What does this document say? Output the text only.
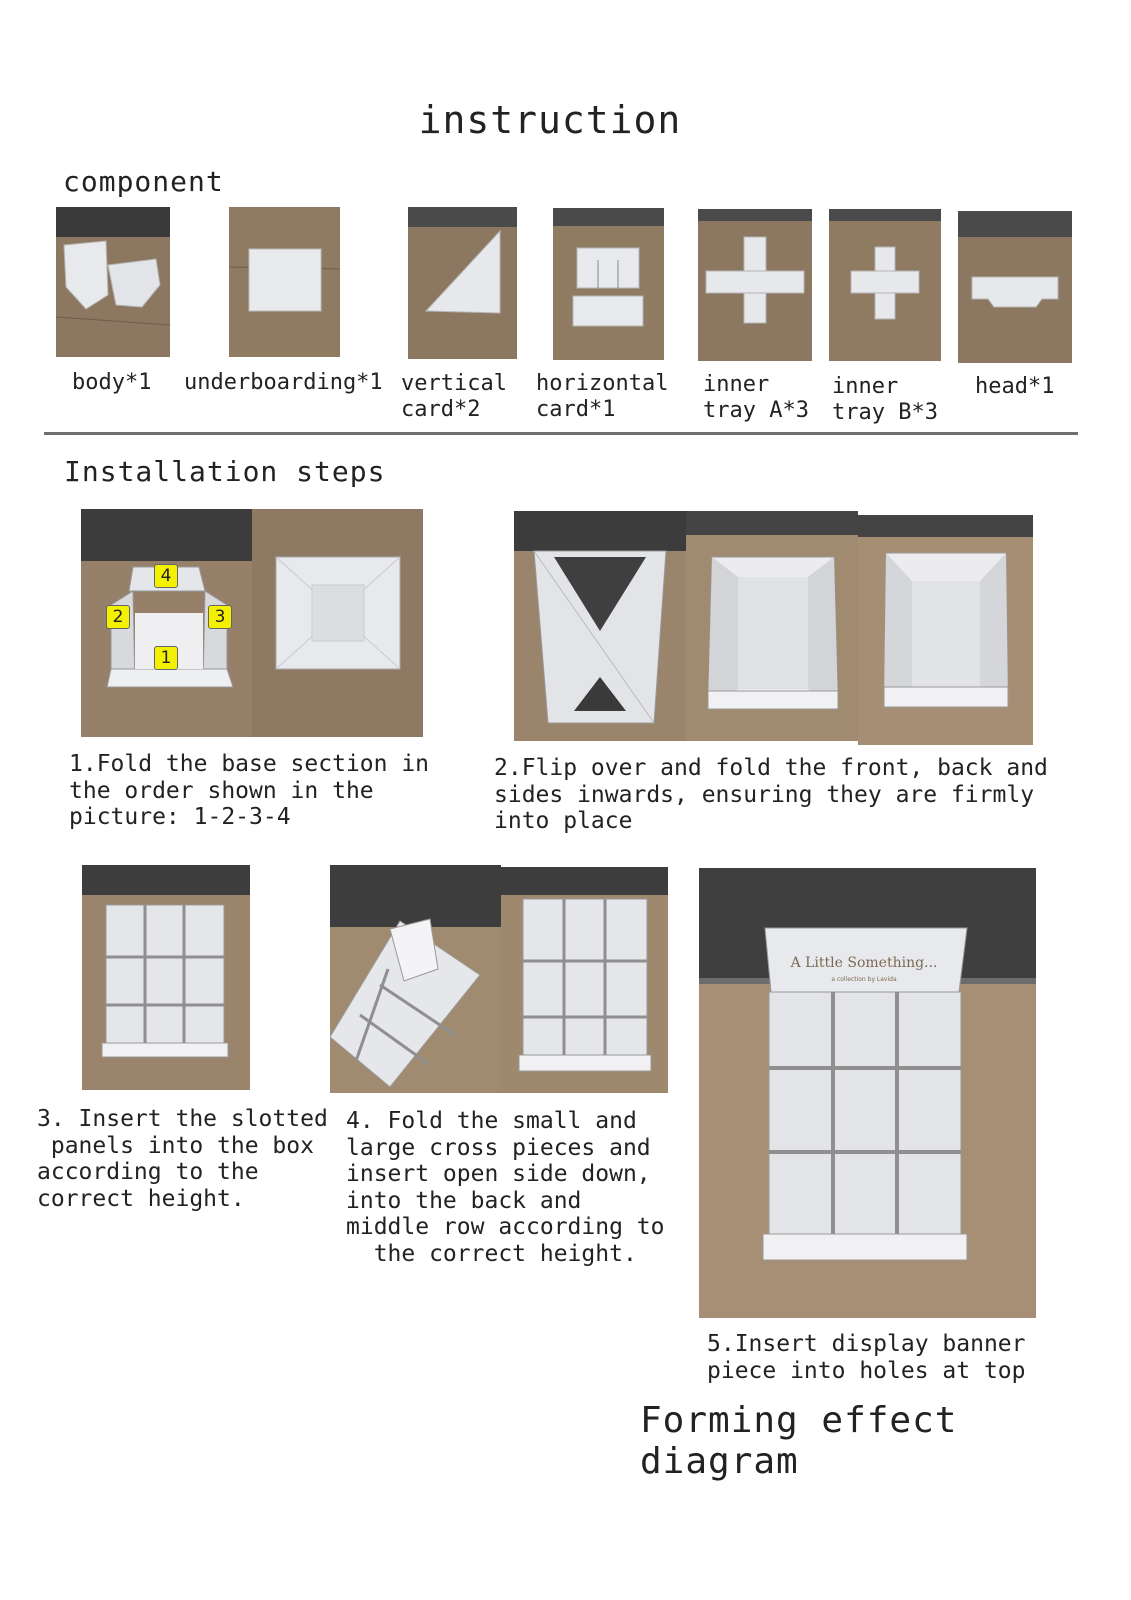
instruction
component
body*1 underboarding*1 vertical
card*2
horizontal
card*1
inner
tray A*3
inner
tray B*3
head*1
Installation steps
4
2	3
1
1.Fold the base section in
the order shown in the
picture: 1-2-3-4
2.Flip over and fold the front, back and
sides inwards, ensuring they are firmly
into place
A Little Something...
a collection by Lavida
3. Insert the slotted
panels into the box
according to the
correct height.
4. Fold the small and
large cross pieces and
insert open side down,
into the back and
middle row according to
the correct height.
5.Insert display banner
piece into holes at top
Forming effect diagram
